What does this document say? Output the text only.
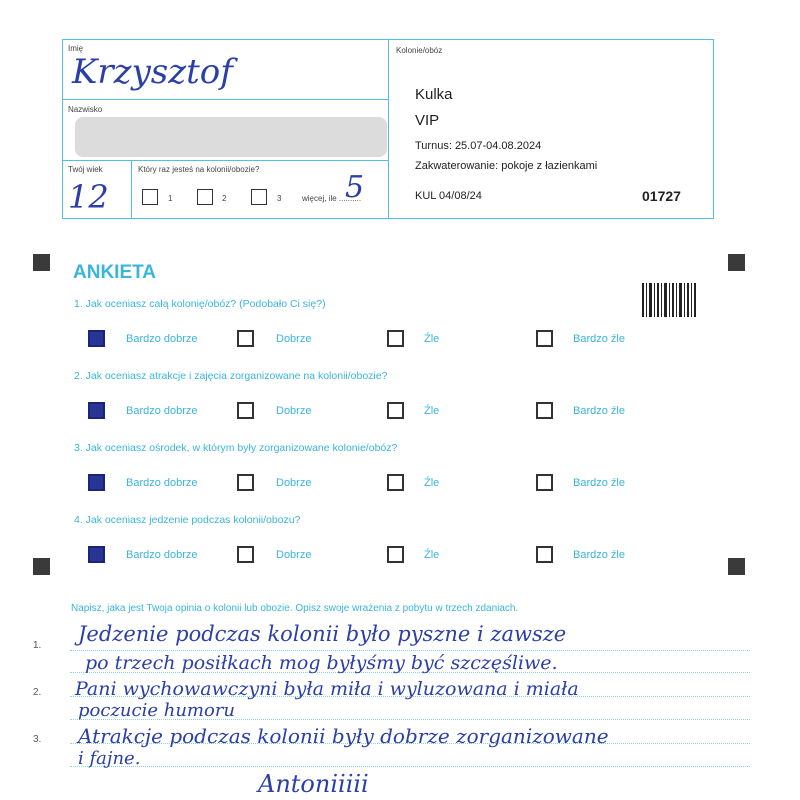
Imię
Krzysztof
Nazwisko
Twój wiek
12
Który raz jesteś na kolonii/obozie?
1	2	3	więcej, ile ..........
5
Kolonie/obóz
Kulka
VIP
Turnus: 25.07-04.08.2024
Zakwaterowanie: pokoje z łazienkami
KUL 04/08/24	01727
ANKIETA
1. Jak oceniasz całą kolonię/obóz? (Podobało Ci się?)
Bardzo dobrze	Dobrze	Źle	Bardzo źle
2. Jak oceniasz atrakcje i zajęcia zorganizowane na kolonii/obozie?
Bardzo dobrze	Dobrze	Źle	Bardzo źle
3. Jak oceniasz ośrodek, w którym były zorganizowane kolonie/obóz?
Bardzo dobrze	Dobrze	Źle	Bardzo źle
4. Jak oceniasz jedzenie podczas kolonii/obozu?
Bardzo dobrze	Dobrze	Źle	Bardzo źle
Napisz, jaka jest Twoja opinia o kolonii lub obozie. Opisz swoje wrażenia z pobytu w trzech zdaniach.
1.
2.
3.
Jedzenie podczas kolonii było pyszne i zawsze
po trzech posiłkach mog byłyśmy być szczęśliwe.
Pani wychowawczyni była miła i wyluzowana i miała
poczucie humoru
Atrakcje podczas kolonii były dobrze zorganizowane
i fajne.
Antoniiiii
